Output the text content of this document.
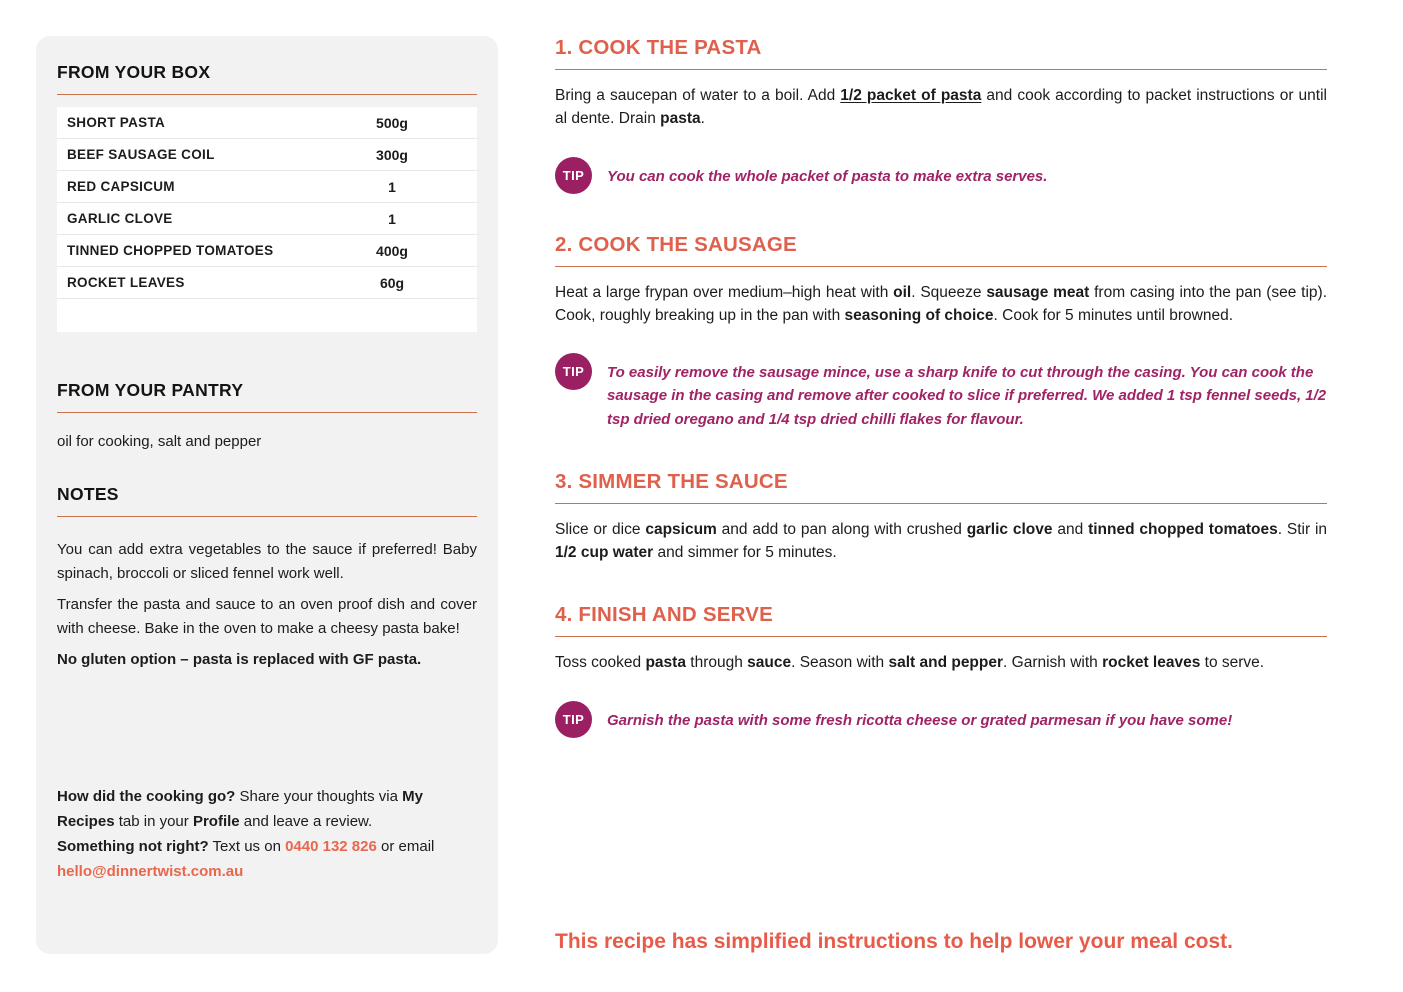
FROM YOUR BOX
SHORT PASTA	500g
BEEF SAUSAGE COIL	300g
RED CAPSICUM	1
GARLIC CLOVE	1
TINNED CHOPPED TOMATOES	400g
ROCKET LEAVES	60g
FROM YOUR PANTRY

oil for cooking, salt and pepper

NOTES

You can add extra vegetables to the sauce if preferred! Baby spinach, broccoli or sliced fennel work well.

Transfer the pasta and sauce to an oven proof dish and cover with cheese. Bake in the oven to make a cheesy pasta bake!

No gluten option – pasta is replaced with GF pasta.

How did the cooking go? Share your thoughts via My Recipes tab in your Profile and leave a review.

Something not right? Text us on 0440 132 826 or email hello@dinnertwist.com.au

1. COOK THE PASTA

Bring a saucepan of water to a boil. Add 1/2 packet of pasta and cook according to packet instructions or until al dente. Drain pasta.

TIP	You can cook the whole packet of pasta to make extra serves.

2. COOK THE SAUSAGE

Heat a large frypan over medium–high heat with oil. Squeeze sausage meat from casing into the pan (see tip). Cook, roughly breaking up in the pan with seasoning of choice. Cook for 5 minutes until browned.

TIP	To easily remove the sausage mince, use a sharp knife to cut through the casing. You can cook the sausage in the casing and remove after cooked to slice if preferred. We added 1 tsp fennel seeds, 1/2 tsp dried oregano and 1/4 tsp dried chilli flakes for flavour.

3. SIMMER THE SAUCE

Slice or dice capsicum and add to pan along with crushed garlic clove and tinned chopped tomatoes. Stir in 1/2 cup water and simmer for 5 minutes.

4. FINISH AND SERVE

Toss cooked pasta through sauce. Season with salt and pepper. Garnish with rocket leaves to serve.

TIP	Garnish the pasta with some fresh ricotta cheese or grated parmesan if you have some!

This recipe has simplified instructions to help lower your meal cost.
